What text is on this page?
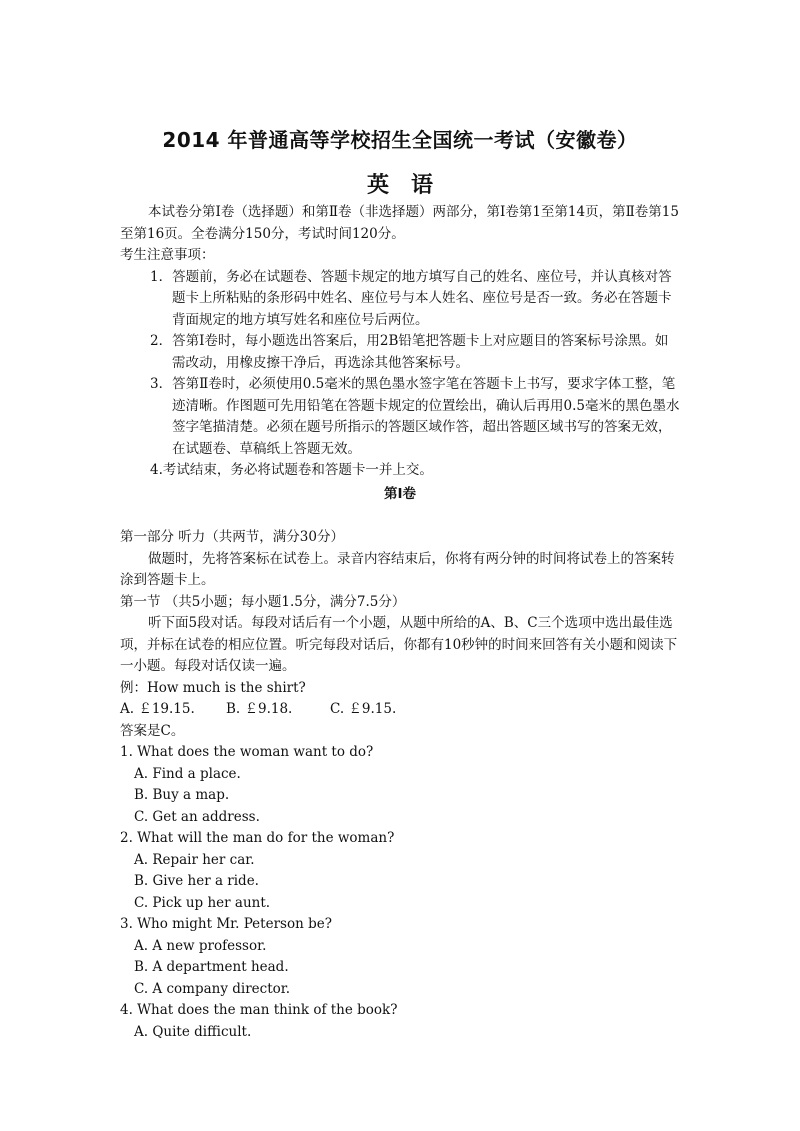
2014 年普通高等学校招生全国统一考试（安徽卷）
英语

本试卷分第Ⅰ卷（选择题）和第Ⅱ卷（非选择题）两部分，第Ⅰ卷第1至第14页，第Ⅱ卷第15至第16页。全卷满分150分，考试时间120分。

考生注意事项：

1．答题前，务必在试题卷、答题卡规定的地方填写自己的姓名、座位号，并认真核对答题卡上所粘贴的条形码中姓名、座位号与本人姓名、座位号是否一致。务必在答题卡背面规定的地方填写姓名和座位号后两位。
2．答第Ⅰ卷时，每小题选出答案后，用2B铅笔把答题卡上对应题目的答案标号涂黑。如需改动，用橡皮擦干净后，再选涂其他答案标号。
3．答第Ⅱ卷时，必须使用0.5毫米的黑色墨水签字笔在答题卡上书写，要求字体工整，笔迹清晰。作图题可先用铅笔在答题卡规定的位置绘出，确认后再用0.5毫米的黑色墨水签字笔描清楚。必须在题号所指示的答题区域作答，超出答题区域书写的答案无效，在试题卷、草稿纸上答题无效。
4.考试结束，务必将试题卷和答题卡一并上交。

第Ⅰ卷

第一部分 听力（共两节，满分30分）

做题时，先将答案标在试卷上。录音内容结束后，你将有两分钟的时间将试卷上的答案转涂到答题卡上。

第一节 （共5小题；每小题1.5分，满分7.5分）

听下面5段对话。每段对话后有一个小题，从题中所给的A、B、C三个选项中选出最佳选项，并标在试卷的相应位置。听完每段对话后，你都有10秒钟的时间来回答有关小题和阅读下一小题。每段对话仅读一遍。

例：How much is the shirt?

A. ￡19.15. B. ￡9.18.	C. ￡9.15.

答案是C。

1. What does the woman want to do?

A. Find a place.

B. Buy a map.

C. Get an address.

2. What will the man do for the woman?

A. Repair her car.

B. Give her a ride.

C. Pick up her aunt.

3. Who might Mr. Peterson be?

A. A new professor.

B. A department head.

C. A company director.

4. What does the man think of the book?

A. Quite difficult.
